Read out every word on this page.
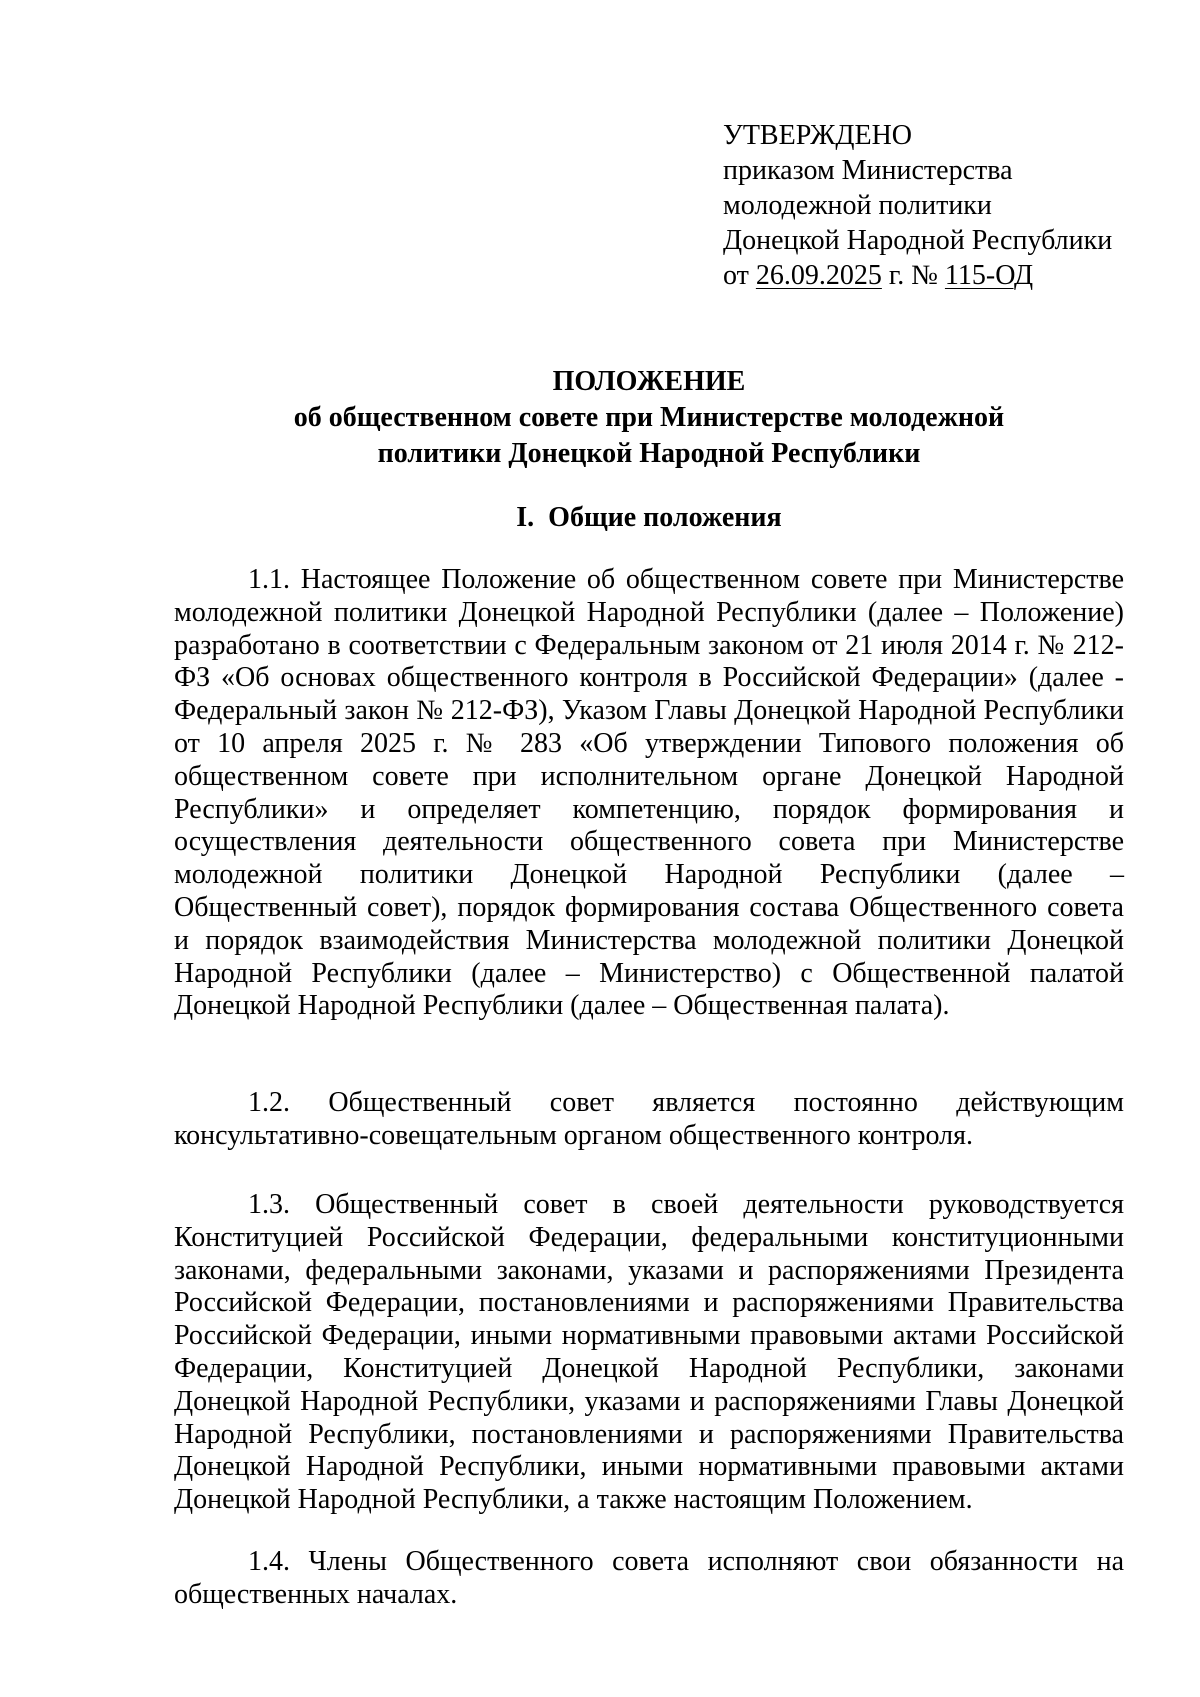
УТВЕРЖДЕНО
приказом Министерства
молодежной политики
Донецкой Народной Республики
от 26.09.2025 г. № 115-ОД
ПОЛОЖЕНИЕ
об общественном совете при Министерстве молодежной
политики Донецкой Народной Республики
I.  Общие положения

1.1. Настоящее Положение об общественном совете при Министерстве молодежной политики Донецкой Народной Республики (далее – Положение) разработано в соответствии с Федеральным законом от 21 июля 2014 г. № 212-ФЗ «Об основах общественного контроля в Российской Федерации» (далее - Федеральный закон № 212-ФЗ), Указом Главы Донецкой Народной Республики от 10 апреля 2025 г. № 283 «Об утверждении Типового положения об общественном совете при исполнительном органе Донецкой Народной Республики» и определяет компетенцию, порядок формирования и осуществления деятельности общественного совета при Министерстве молодежной политики Донецкой Народной Республики (далее – Общественный совет), порядок формирования состава Общественного совета и порядок взаимодействия Министерства молодежной политики Донецкой Народной Республики (далее – Министерство) с Общественной палатой Донецкой Народной Республики (далее – Общественная палата).

1.2. Общественный совет является постоянно действующим консультативно-совещательным органом общественного контроля.

1.3. Общественный совет в своей деятельности руководствуется Конституцией Российской Федерации, федеральными конституционными законами, федеральными законами, указами и распоряжениями Президента Российской Федерации, постановлениями и распоряжениями Правительства Российской Федерации, иными нормативными правовыми актами Российской Федерации, Конституцией Донецкой Народной Республики, законами Донецкой Народной Республики, указами и распоряжениями Главы Донецкой Народной Республики, постановлениями и распоряжениями Правительства Донецкой Народной Республики, иными нормативными правовыми актами Донецкой Народной Республики, а также настоящим Положением.

1.4. Члены Общественного совета исполняют свои обязанности на общественных началах.
